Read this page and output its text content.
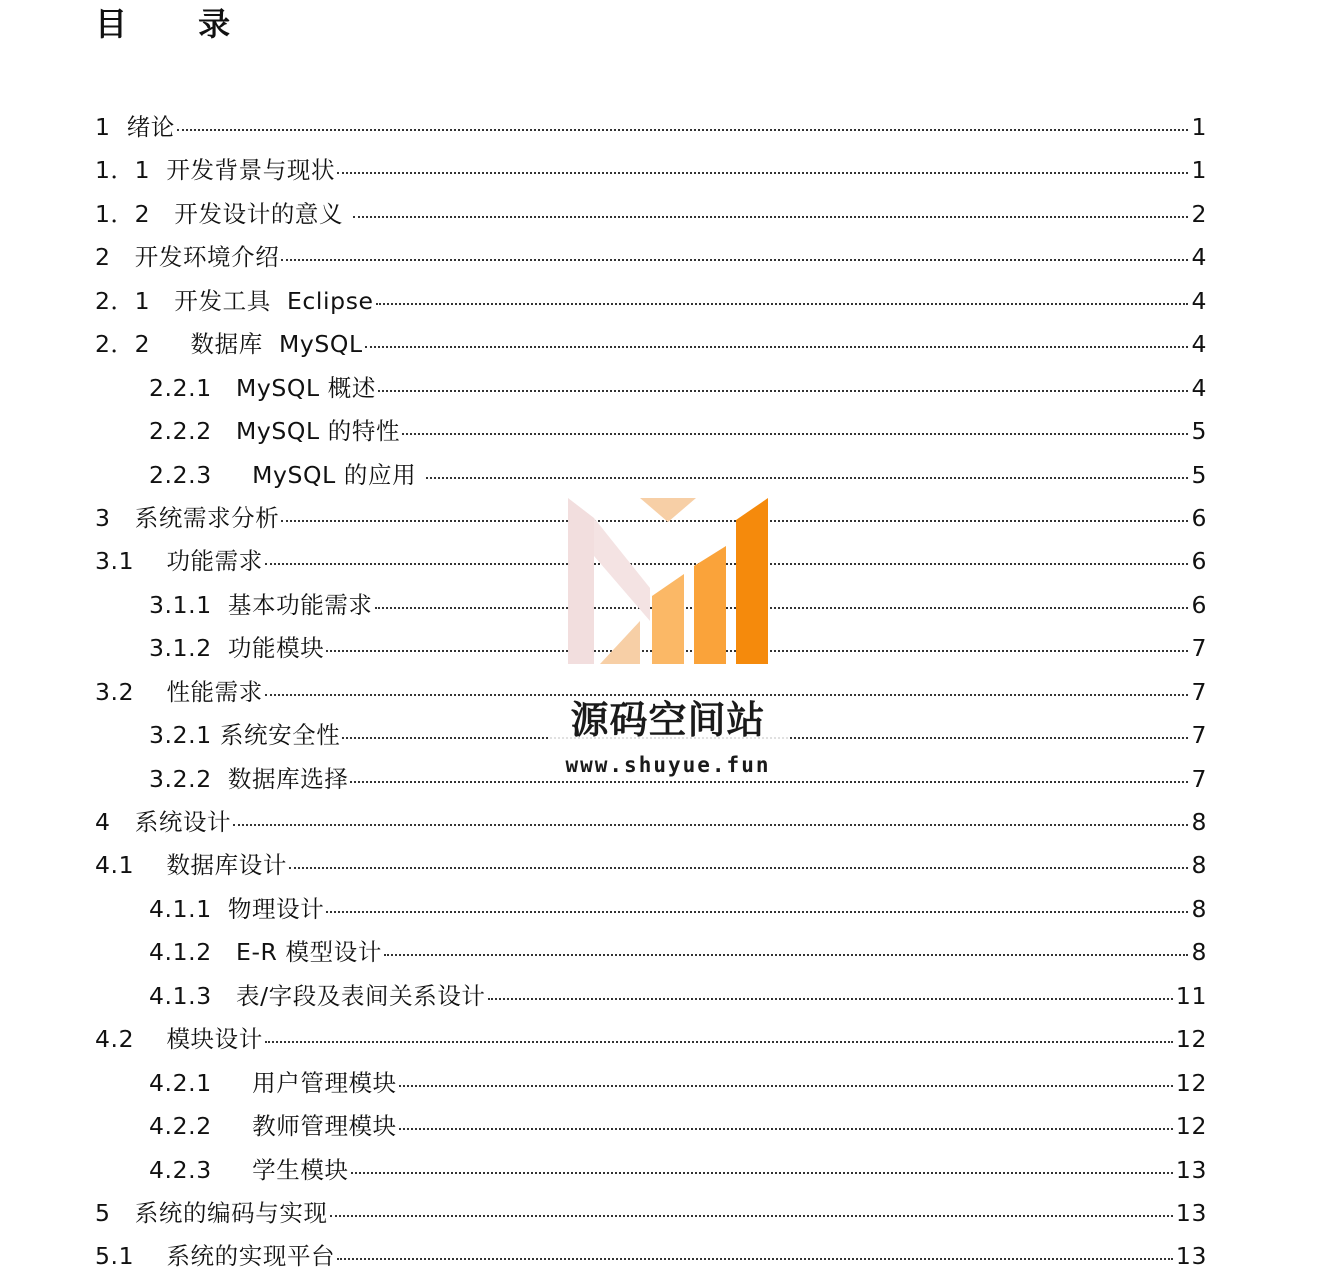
目 录
1  绪论	1
1．1  开发背景与现状	1
1．2   开发设计的意义	2
2   开发环境介绍	4
2．1   开发工具  Eclipse	4
2．2     数据库  MySQL	4
2.2.1   MySQL 概述	4
2.2.2   MySQL 的特性	5
2.2.3     MySQL 的应用	5
3   系统需求分析	6
3.1    功能需求	6
3.1.1  基本功能需求	6
3.1.2  功能模块	7
3.2    性能需求	7
3.2.1 系统安全性	7
3.2.2  数据库选择	7
4   系统设计	8
4.1    数据库设计	8
4.1.1  物理设计	8
4.1.2   E-R 模型设计	8
4.1.3   表/字段及表间关系设计	11
4.2    模块设计	12
4.2.1     用户管理模块	12
4.2.2     教师管理模块	12
4.2.3     学生模块	13
5   系统的编码与实现	13
5.1    系统的实现平台	13
源码空间站
www.shuyue.fun
